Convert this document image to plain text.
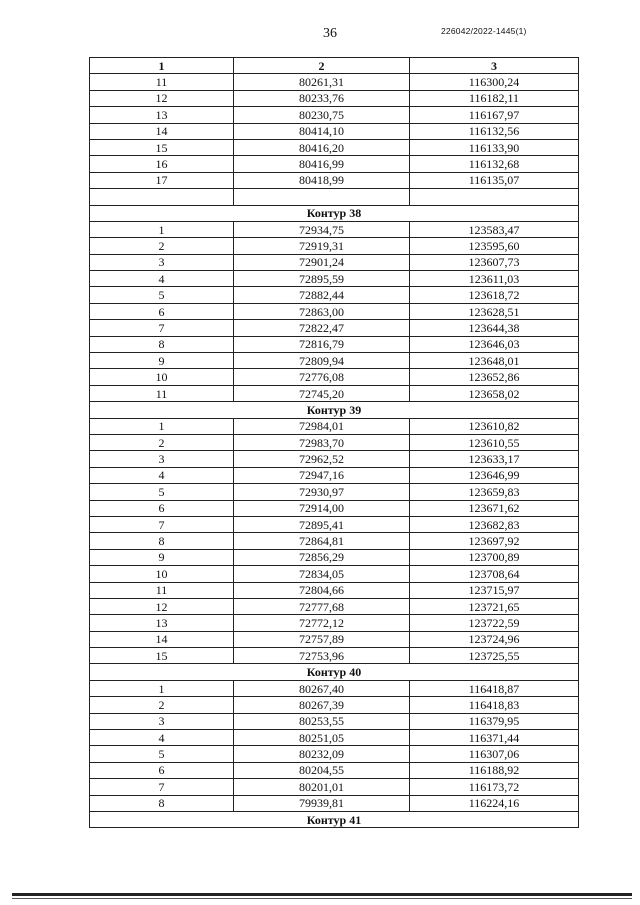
36	226042/2022-1445(1)
1	2	3
11	80261,31	116300,24
12	80233,76	116182,11
13	80230,75	116167,97
14	80414,10	116132,56
15	80416,20	116133,90
16	80416,99	116132,68
17	80418,99	116135,07

Контур 38		
1	72934,75	123583,47
2	72919,31	123595,60
3	72901,24	123607,73
4	72895,59	123611,03
5	72882,44	123618,72
6	72863,00	123628,51
7	72822,47	123644,38
8	72816,79	123646,03
9	72809,94	123648,01
10	72776,08	123652,86
11	72745,20	123658,02
Контур 39		
1	72984,01	123610,82
2	72983,70	123610,55
3	72962,52	123633,17
4	72947,16	123646,99
5	72930,97	123659,83
6	72914,00	123671,62
7	72895,41	123682,83
8	72864,81	123697,92
9	72856,29	123700,89
10	72834,05	123708,64
11	72804,66	123715,97
12	72777,68	123721,65
13	72772,12	123722,59
14	72757,89	123724,96
15	72753,96	123725,55
Контур 40		
1	80267,40	116418,87
2	80267,39	116418,83
3	80253,55	116379,95
4	80251,05	116371,44
5	80232,09	116307,06
6	80204,55	116188,92
7	80201,01	116173,72
8	79939,81	116224,16
Контур 41		
